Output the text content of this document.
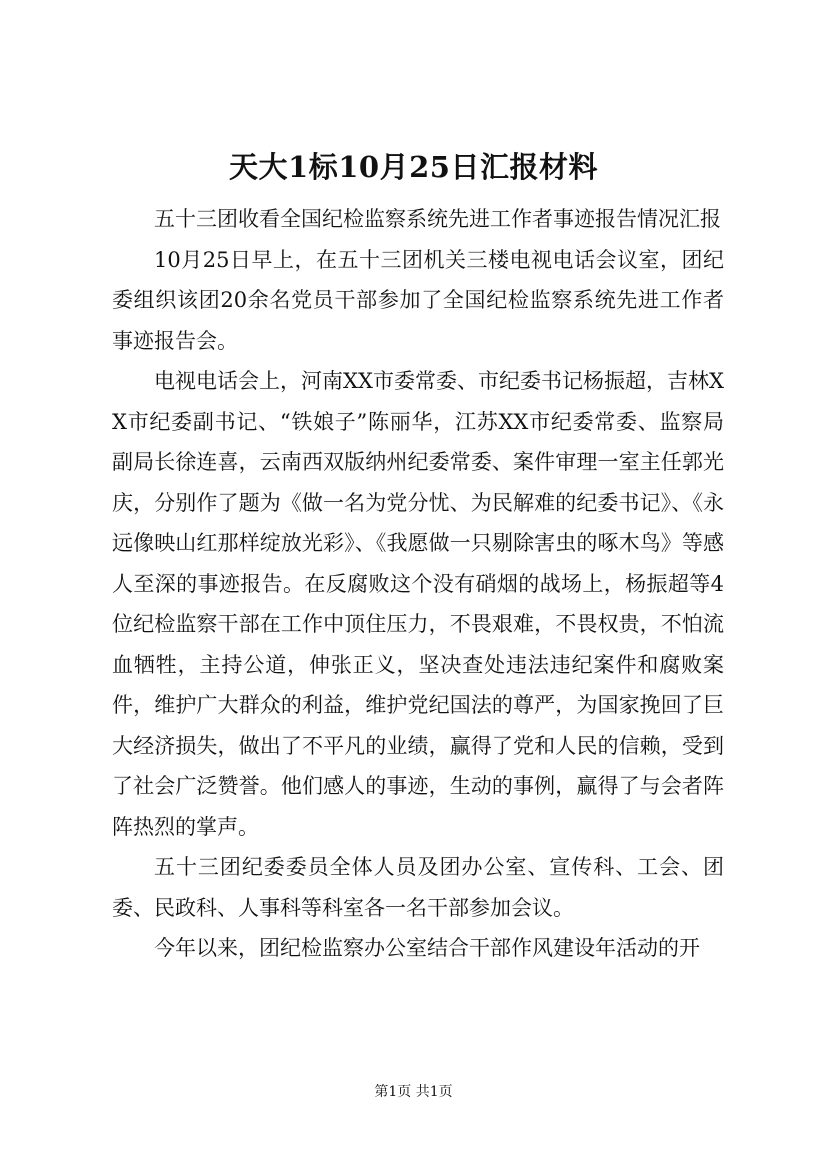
天大1标10月25日汇报材料

五十三团收看全国纪检监察系统先进工作者事迹报告情况汇报

10月25日早上，在五十三团机关三楼电视电话会议室，团纪委组织该团20余名党员干部参加了全国纪检监察系统先进工作者事迹报告会。

电视电话会上，河南XX市委常委、市纪委书记杨振超，吉林XX市纪委副书记、“铁娘子”陈丽华，江苏XX市纪委常委、监察局副局长徐连喜，云南西双版纳州纪委常委、案件审理一室主任郭光庆，分别作了题为《做一名为党分忧、为民解难的纪委书记》、《永远像映山红那样绽放光彩》、《我愿做一只剔除害虫的啄木鸟》等感人至深的事迹报告。在反腐败这个没有硝烟的战场上，杨振超等4位纪检监察干部在工作中顶住压力，不畏艰难，不畏权贵，不怕流血牺牲，主持公道，伸张正义，坚决查处违法违纪案件和腐败案件，维护广大群众的利益，维护党纪国法的尊严，为国家挽回了巨大经济损失，做出了不平凡的业绩，赢得了党和人民的信赖，受到了社会广泛赞誉。他们感人的事迹，生动的事例，赢得了与会者阵阵热烈的掌声。

五十三团纪委委员全体人员及团办公室、宣传科、工会、团委、民政科、人事科等科室各一名干部参加会议。

今年以来，团纪检监察办公室结合干部作风建设年活动的开

第1页 共1页
